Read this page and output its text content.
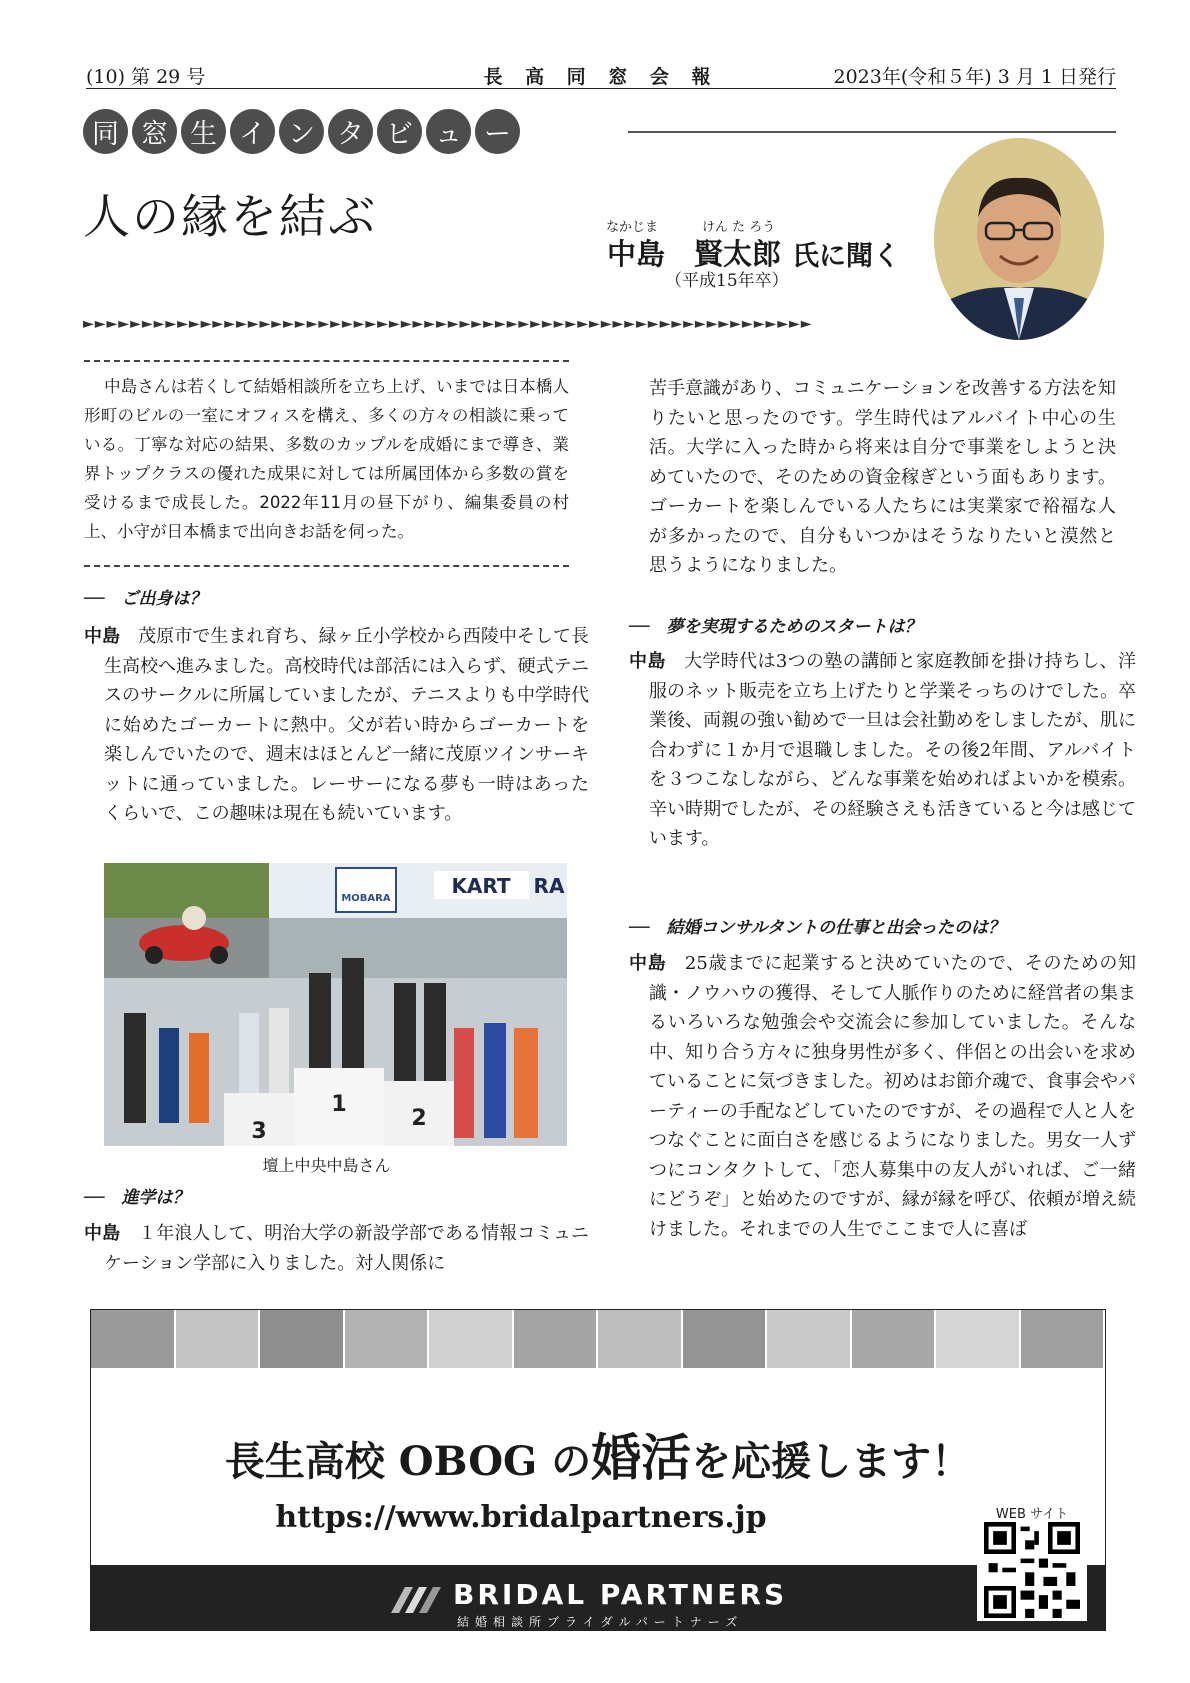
(10) 第 29 号	長 高 同 窓 会 報	2023年(令和５年) 3 月 1 日発行
同 窓 生 イ ン タ ビ ュ ー
人の縁を結ぶ	なかじま	けん た ろう
中島　賢太郎 氏に聞く
（平成15年卒）
►►►►►►►►►►►►►►►►►►►►►►►►►►►►►►►►►►►►►►►►►►►►►►►►►►►►►►►►►►►►►►
中島さんは若くして結婚相談所を立ち上げ、いまでは日本橋人形町のビルの一室にオフィスを構え、多くの方々の相談に乗っている。丁寧な対応の結果、多数のカップルを成婚にまで導き、業界トップクラスの優れた成果に対しては所属団体から多数の賞を受けるまで成長した。2022年11月の昼下がり、編集委員の村上、小守が日本橋まで出向きお話を伺った。
──　ご出身は？
中島　 茂原市で生まれ育ち、緑ヶ丘小学校から西陵中そして長生高校へ進みました。高校時代は部活には入らず、硬式テニスのサークルに所属していましたが、テニスよりも中学時代に始めたゴーカートに熱中。父が若い時からゴーカートを楽しんでいたので、週末はほとんど一緒に茂原ツインサーキットに通っていました。レーサーになる夢も一時はあったくらいで、この趣味は現在も続いています。
MOBARA
KART RA
3
1
2
壇上中央中島さん
──　進学は？
中島　 １年浪人して、明治大学の新設学部である情報コミュニケーション学部に入りました。対人関係に
苦手意識があり、コミュニケーションを改善する方法を知りたいと思ったのです。学生時代はアルバイト中心の生活。大学に入った時から将来は自分で事業をしようと決めていたので、そのための資金稼ぎという面もあります。ゴーカートを楽しんでいる人たちには実業家で裕福な人が多かったので、自分もいつかはそうなりたいと漠然と思うようになりました。
──　夢を実現するためのスタートは？
中島　 大学時代は3つの塾の講師と家庭教師を掛け持ちし、洋服のネット販売を立ち上げたりと学業そっちのけでした。卒業後、両親の強い勧めで一旦は会社勤めをしましたが、肌に合わずに１か月で退職しました。その後2年間、アルバイトを３つこなしながら、どんな事業を始めればよいかを模索。辛い時期でしたが、その経験さえも活きていると今は感じています。
──　結婚コンサルタントの仕事と出会ったのは？
中島　 25歳までに起業すると決めていたので、そのための知識・ノウハウの獲得、そして人脈作りのために経営者の集まるいろいろな勉強会や交流会に参加していました。そんな中、知り合う方々に独身男性が多く、伴侶との出会いを求めていることに気づきました。初めはお節介魂で、食事会やパーティーの手配などしていたのですが、その過程で人と人をつなぐことに面白さを感じるようになりました。男女一人ずつにコンタクトして、「恋人募集中の友人がいれば、ご一緒にどうぞ」と始めたのですが、縁が縁を呼び、依頼が増え続けました。それまでの人生でここまで人に喜ば
長生高校 OBOG の婚活を応援します！
https://www.bridalpartners.jp
BRIDAL PARTNERS
結婚相談所ブライダルパートナーズ
WEB サイト
